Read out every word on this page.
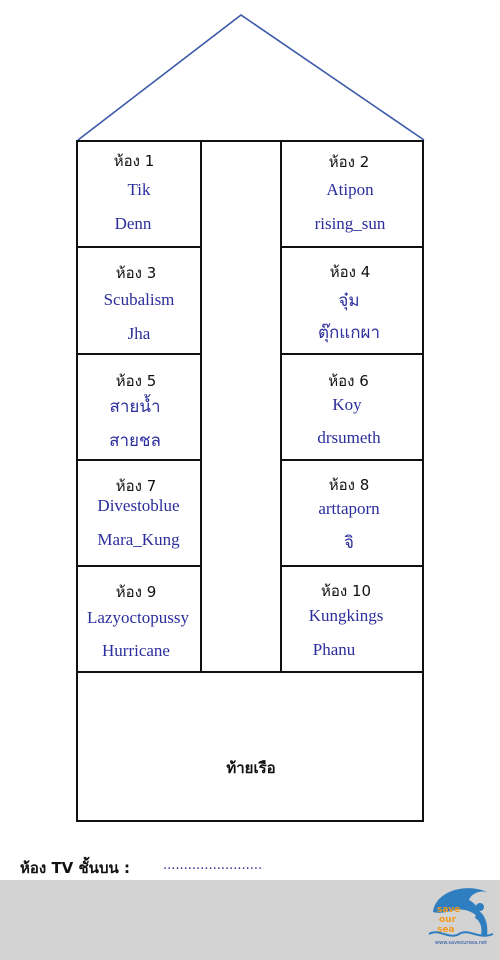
ห้อง 1
Tik
Denn
ห้อง 3
Scubalism
Jha
ห้อง 5
สายน้ำ
สายชล
ห้อง 7
Divestoblue
Mara_Kung
ห้อง 9
Lazyoctopussy
Hurricane
ห้อง 2
Atipon
rising_sun
ห้อง 4
จุ๋ม
ตุ๊กแกผา
ห้อง 6
Koy
drsumeth
ห้อง 8
arttaporn
จิ
ห้อง 10
Kungkings
Phanu
ท้ายเรือ
ห้อง TV ชั้นบน :	........................
save
our
sea
www.saveoursea.net
